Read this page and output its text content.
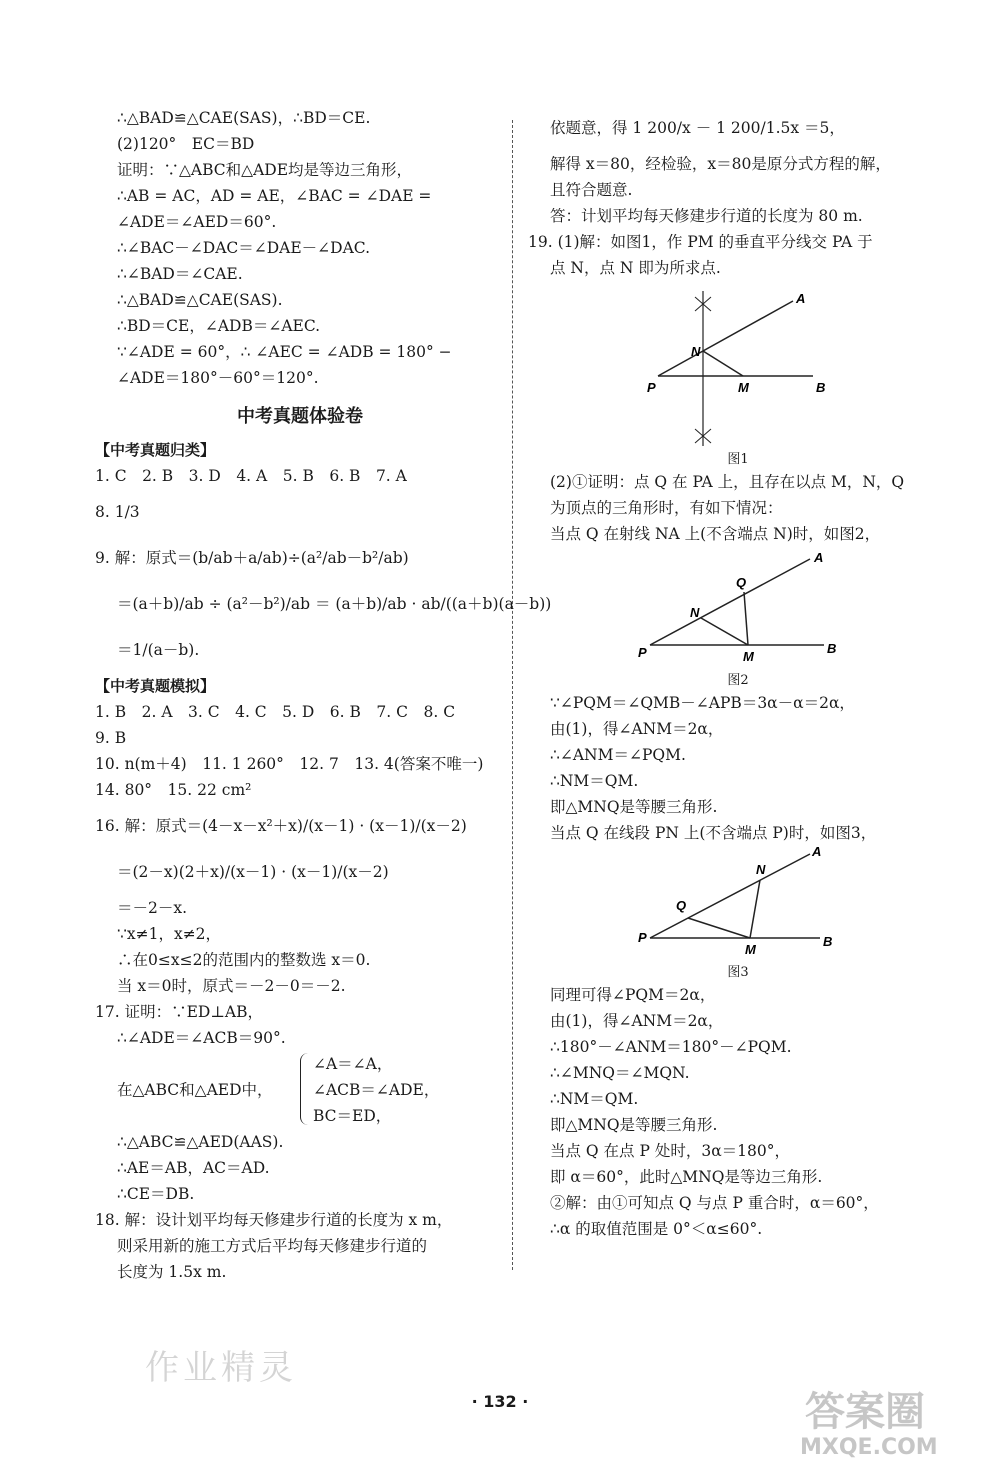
∴△BAD≌△CAE(SAS)，∴BD＝CE.
(2)120°　EC＝BD
证明：∵△ABC和△ADE均是等边三角形，
∴AB = AC，AD = AE，∠BAC = ∠DAE =
∠ADE＝∠AED＝60°.
∴∠BAC－∠DAC＝∠DAE－∠DAC.
∴∠BAD＝∠CAE.
∴△BAD≌△CAE(SAS).
∴BD＝CE，∠ADB＝∠AEC.
∵∠ADE = 60°，∴ ∠AEC = ∠ADB = 180° −
∠ADE＝180°－60°＝120°.
中考真题体验卷
【中考真题归类】
1. C　2. B　3. D　4. A　5. B　6. B　7. A
8. 1/3
9. 解：原式＝(b/ab＋a/ab)÷(a²/ab－b²/ab)
＝(a＋b)/ab ÷ (a²－b²)/ab ＝ (a＋b)/ab · ab/((a＋b)(a－b))
＝1/(a－b).
【中考真题模拟】
1. B　2. A　3. C　4. C　5. D　6. B　7. C　8. C
9. B
10. n(m＋4)　11. 1 260°　12. 7　13. 4(答案不唯一)
14. 80°　15. 22 cm²
16. 解：原式＝(4－x－x²＋x)/(x－1) · (x－1)/(x－2)
＝(2－x)(2＋x)/(x－1) · (x－1)/(x－2)
＝－2－x.
∵x≠1，x≠2，
∴在0≤x≤2的范围内的整数选 x＝0.
当 x＝0时，原式＝－2－0＝－2.
17. 证明：∵ED⊥AB，
∴∠ADE＝∠ACB＝90°.
在△ABC和△AED中，
∠A＝∠A，
∠ACB＝∠ADE，
BC＝ED，
∴△ABC≌△AED(AAS).
∴AE＝AB，AC＝AD.
∴CE＝DB.
18. 解：设计划平均每天修建步行道的长度为 x m，
则采用新的施工方式后平均每天修建步行道的
长度为 1.5x m.
依题意，得 1 200/x － 1 200/1.5x ＝5，
解得 x＝80，经检验，x＝80是原分式方程的解，
且符合题意.
答：计划平均每天修建步行道的长度为 80 m.
19. (1)解：如图1，作 PM 的垂直平分线交 PA 于
点 N，点 N 即为所求点.
A
P	M	B
N
图1
(2)①证明：点 Q 在 PA 上，且存在以点 M，N，Q
为顶点的三角形时，有如下情况：
当点 Q 在射线 NA 上(不含端点 N)时，如图2，
A
Q
N
P	M
B
图2
∵∠PQM＝∠QMB－∠APB＝3α－α＝2α，
由(1)，得∠ANM＝2α，
∴∠ANM＝∠PQM.
∴NM＝QM.
即△MNQ是等腰三角形.
当点 Q 在线段 PN 上(不含端点 P)时，如图3，
A
N
Q
P
M
B
图3
同理可得∠PQM＝2α，
由(1)，得∠ANM＝2α，
∴180°－∠ANM＝180°－∠PQM.
∴∠MNQ＝∠MQN.
∴NM＝QM.
即△MNQ是等腰三角形.
当点 Q 在点 P 处时，3α＝180°，
即 α＝60°，此时△MNQ是等边三角形.
②解：由①可知点 Q 与点 P 重合时，α＝60°，
∴α 的取值范围是 0°＜α≤60°.
作业精灵
· 132 ·	答案圈
MXQE.COM
